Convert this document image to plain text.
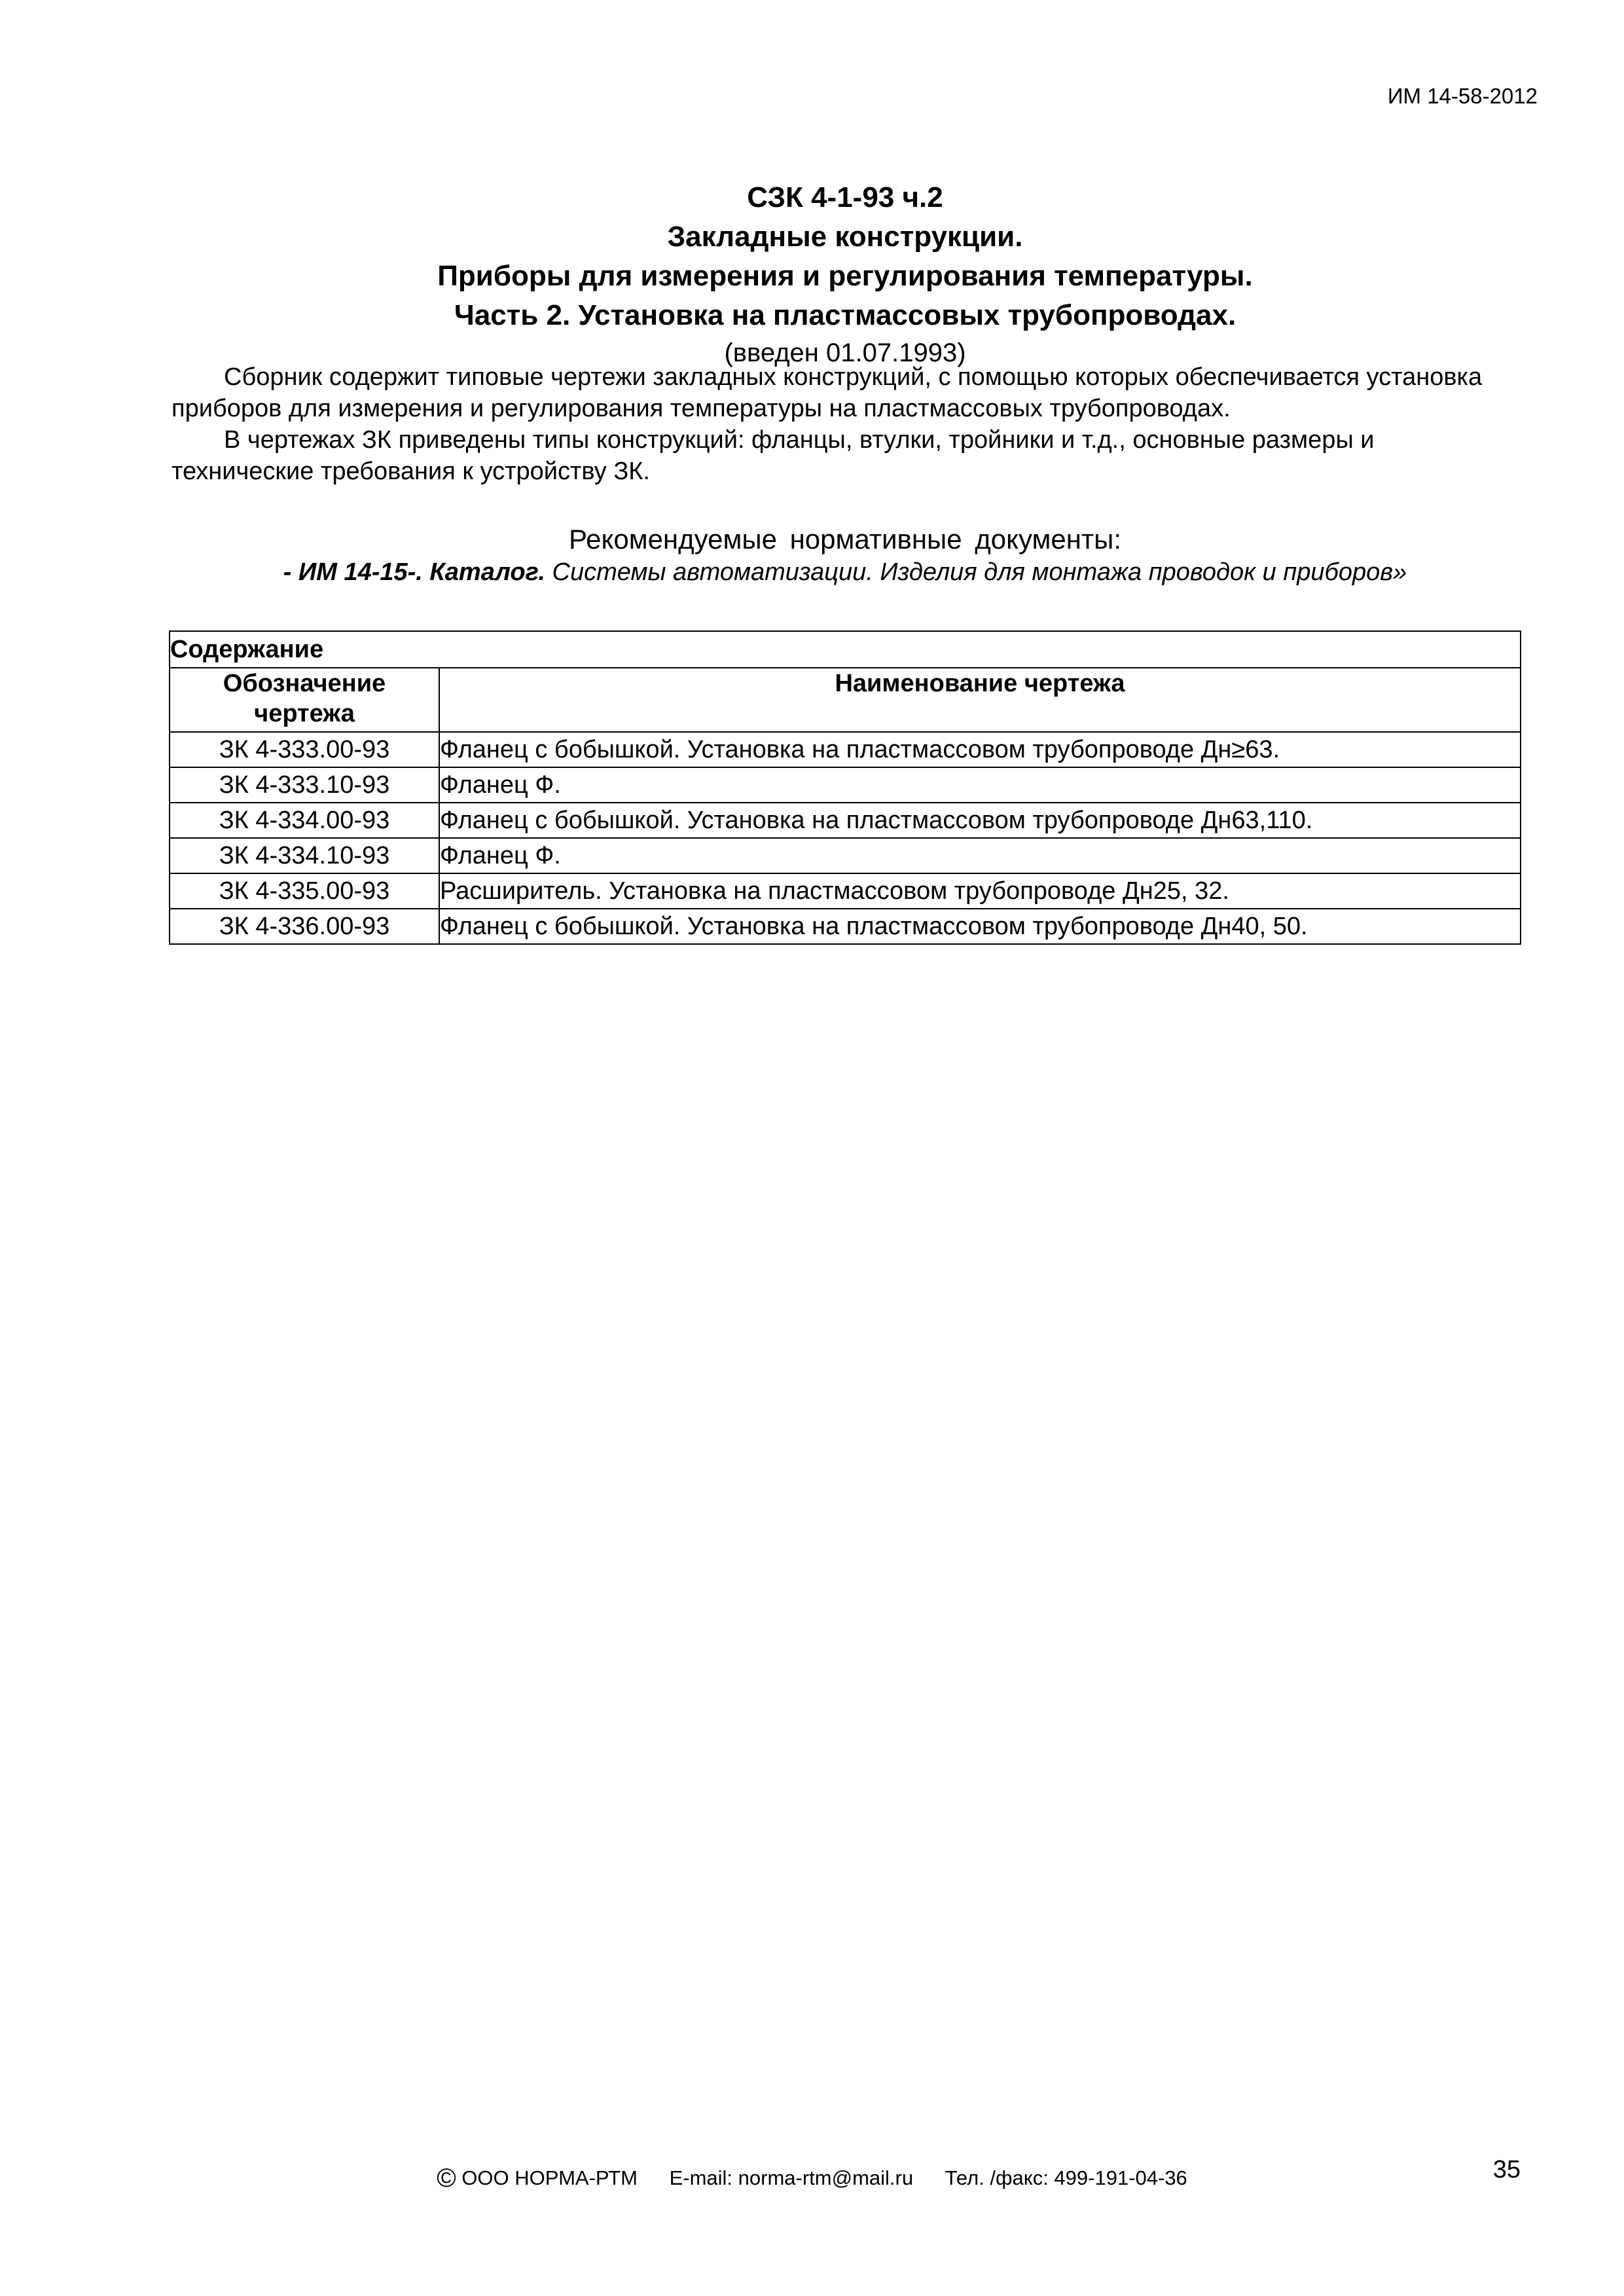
ИМ 14-58-2012
СЗК 4-1-93 ч.2
Закладные конструкции.
Приборы для измерения и регулирования температуры.
Часть 2. Установка на пластмассовых трубопроводах.
(введен 01.07.1993)

Сборник содержит типовые чертежи закладных конструкций, с помощью которых обеспечивается установка приборов для измерения и регулирования температуры на пластмассовых трубопроводах.

В чертежах ЗК приведены типы конструкций: фланцы, втулки, тройники и т.д., основные размеры и технические требования к устройству ЗК.

Рекомендуемые нормативные документы:
- ИМ 14-15-. Каталог. Системы автоматизации. Изделия для монтажа проводок и приборов»
Содержание	
Обозначение чертежа	Наименование чертежа
ЗК 4-333.00-93	Фланец с бобышкой. Установка на пластмассовом трубопроводе Дн≥63.
ЗК 4-333.10-93	Фланец Ф.
ЗК 4-334.00-93	Фланец с бобышкой. Установка на пластмассовом трубопроводе Дн63,110.
ЗК 4-334.10-93	Фланец Ф.
ЗК 4-335.00-93	Расширитель. Установка на пластмассовом трубопроводе Дн25, 32.
ЗК 4-336.00-93	Фланец с бобышкой. Установка на пластмассовом трубопроводе Дн40, 50.
© ООО НОРМА-РТМ E-mail: norma-rtm@mail.ru Тел. /факс: 499-191-04-36	35
